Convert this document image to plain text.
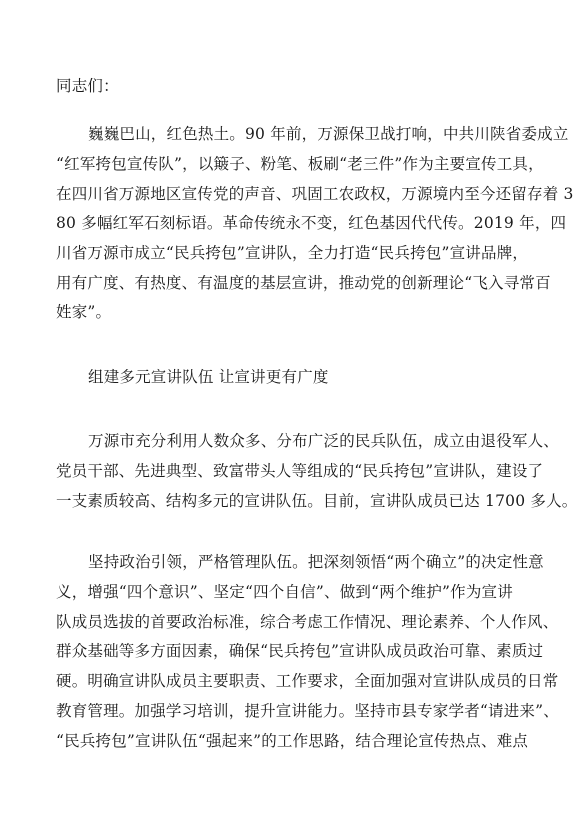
同志们：
巍巍巴山，红色热土。90 年前，万源保卫战打响，中共川陕省委成立
“红军挎包宣传队”，以簸子、粉笔、板刷“老三件”作为主要宣传工具，
在四川省万源地区宣传党的声音、巩固工农政权，万源境内至今还留存着 3
80 多幅红军石刻标语。革命传统永不变，红色基因代代传。2019 年，四
川省万源市成立“民兵挎包”宣讲队，全力打造“民兵挎包”宣讲品牌，
用有广度、有热度、有温度的基层宣讲，推动党的创新理论“飞入寻常百
姓家”。
组建多元宣讲队伍 让宣讲更有广度
万源市充分利用人数众多、分布广泛的民兵队伍，成立由退役军人、
党员干部、先进典型、致富带头人等组成的“民兵挎包”宣讲队，建设了
一支素质较高、结构多元的宣讲队伍。目前，宣讲队成员已达 1700 多人。
坚持政治引领，严格管理队伍。把深刻领悟“两个确立”的决定性意
义，增强“四个意识”、坚定“四个自信”、做到“两个维护”作为宣讲
队成员选拔的首要政治标准，综合考虑工作情况、理论素养、个人作风、
群众基础等多方面因素，确保“民兵挎包”宣讲队成员政治可靠、素质过
硬。明确宣讲队成员主要职责、工作要求，全面加强对宣讲队成员的日常
教育管理。加强学习培训，提升宣讲能力。坚持市县专家学者“请进来”、
“民兵挎包”宣讲队伍“强起来”的工作思路，结合理论宣传热点、难点
